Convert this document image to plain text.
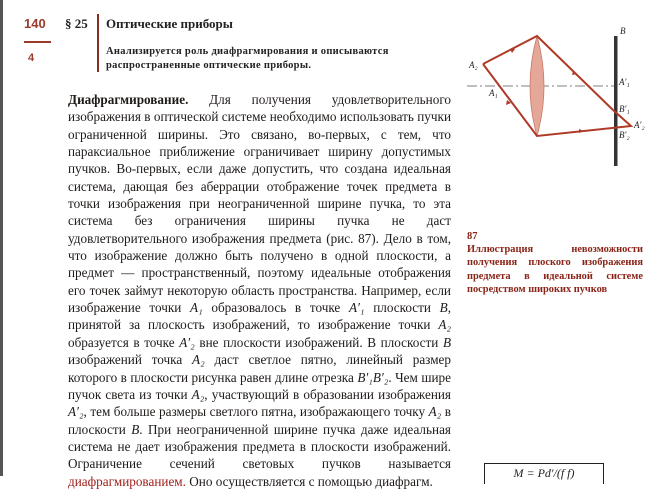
140
4
§ 25 Оптические приборы
Анализируется роль диафрагмирования и описываются распространенные оптические приборы.

Диафрагмирование. Для получения удовлетворительного изображения в оптической системе необходимо использовать пучки ограниченной ширины. Это связано, во-первых, с тем, что параксиальное приближение ограничивает ширину допустимых пучков. Во-первых, если даже допустить, что создана идеальная система, дающая без аберрации отображение точек предмета в точки изображения при неограниченной ширине пучка, то эта система без ограничения ширины пучка не даст удовлетворительного изображения предмета (рис. 87). Дело в том, что изображение должно быть получено в одной плоскости, а предмет — пространственный, поэтому идеальные отображения его точек займут некоторую область пространства. Например, если изображение точки A₁ образовалось в точке A′₁ плоскости B, принятой за плоскость изображений, то изображение точки A₂ образуется в точке A′₂ вне плоскости изображений. В плоскости B изображений точка A₂ даст светлое пятно, линейный размер которого в плоскости рисунка равен длине отрезка B′₁B′₂. Чем шире пучок света из точки A₂, участвующий в образовании изображения A′₂, тем больше размеры светлого пятна, изображающего точку A₂ в плоскости B. При неограниченной ширине пучка даже идеальная система не дает изображения предмета в плоскости изображений. Ограничение сечений световых пучков называется диафрагмированием. Оно осуществляется с помощью диафрагм.

B
A₂
A₁
A′₁
B′₁
A′₂
B′₂
87
Иллюстрация невозможности получения плоского изображения предмета в идеальной системе посредством широких пучков
M = Pd′/(f f)
